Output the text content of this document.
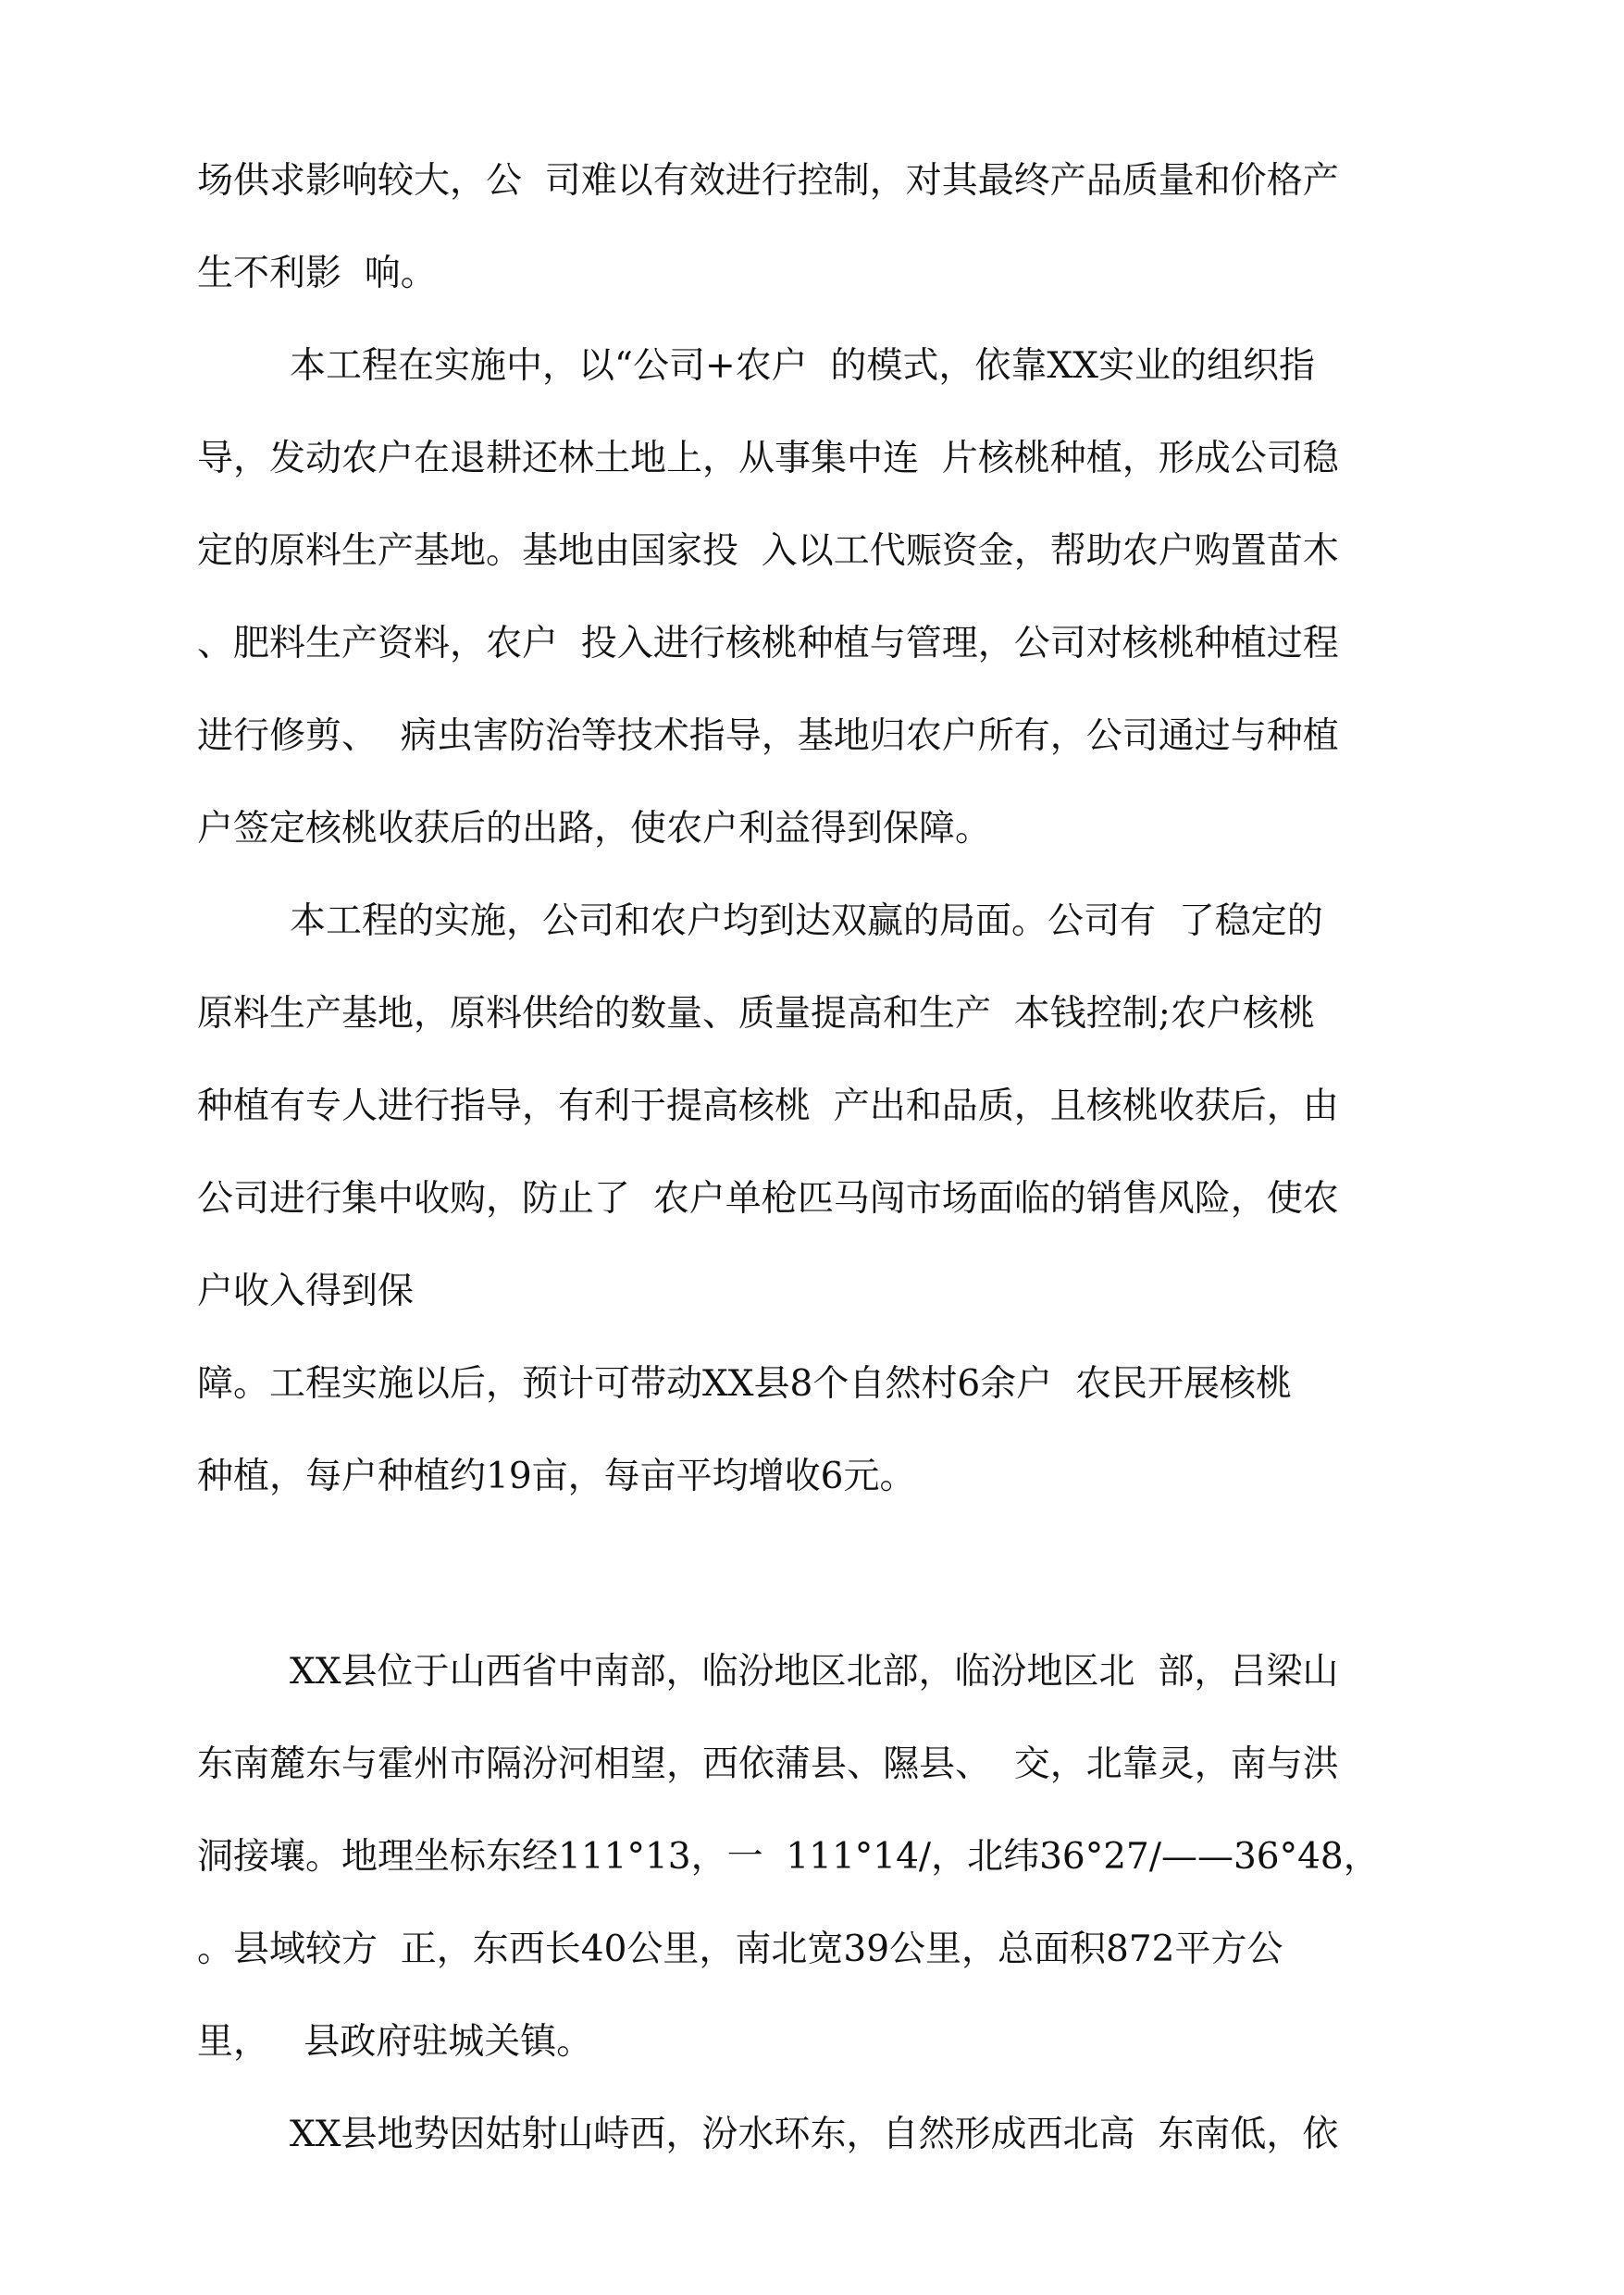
场供求影响较大，公  司难以有效进行控制，对其最终产品质量和价格产

生不利影  响。

本工程在实施中，以“公司+农户  的模式，依靠XX实业的组织指

导，发动农户在退耕还林土地上，从事集中连  片核桃种植，形成公司稳

定的原料生产基地。基地由国家投  入以工代赈资金，帮助农户购置苗木

、肥料生产资料，农户  投入进行核桃种植与管理，公司对核桃种植过程

进行修剪、  病虫害防治等技术指导，基地归农户所有，公司通过与种植

户签定核桃收获后的出路，使农户利益得到保障。

本工程的实施，公司和农户均到达双赢的局面。公司有  了稳定的

原料生产基地，原料供给的数量、质量提高和生产  本钱控制;农户核桃

种植有专人进行指导，有利于提高核桃  产出和品质，且核桃收获后，由

公司进行集中收购，防止了  农户单枪匹马闯市场面临的销售风险，使农

户收入得到保

障。工程实施以后，预计可带动XX县8个自然村6余户  农民开展核桃

种植，每户种植约19亩，每亩平均增收6元。

XX县位于山西省中南部，临汾地区北部，临汾地区北  部，吕梁山

东南麓东与霍州市隔汾河相望，西依蒲县、隰县、  交，北靠灵，南与洪

洞接壤。地理坐标东经111°13，一  111°14/，北纬36°27/——36°48，

。县域较方  正，东西长40公里，南北宽39公里，总面积872平方公

里，   县政府驻城关镇。

XX县地势因姑射山峙西，汾水环东，自然形成西北高  东南低，依
